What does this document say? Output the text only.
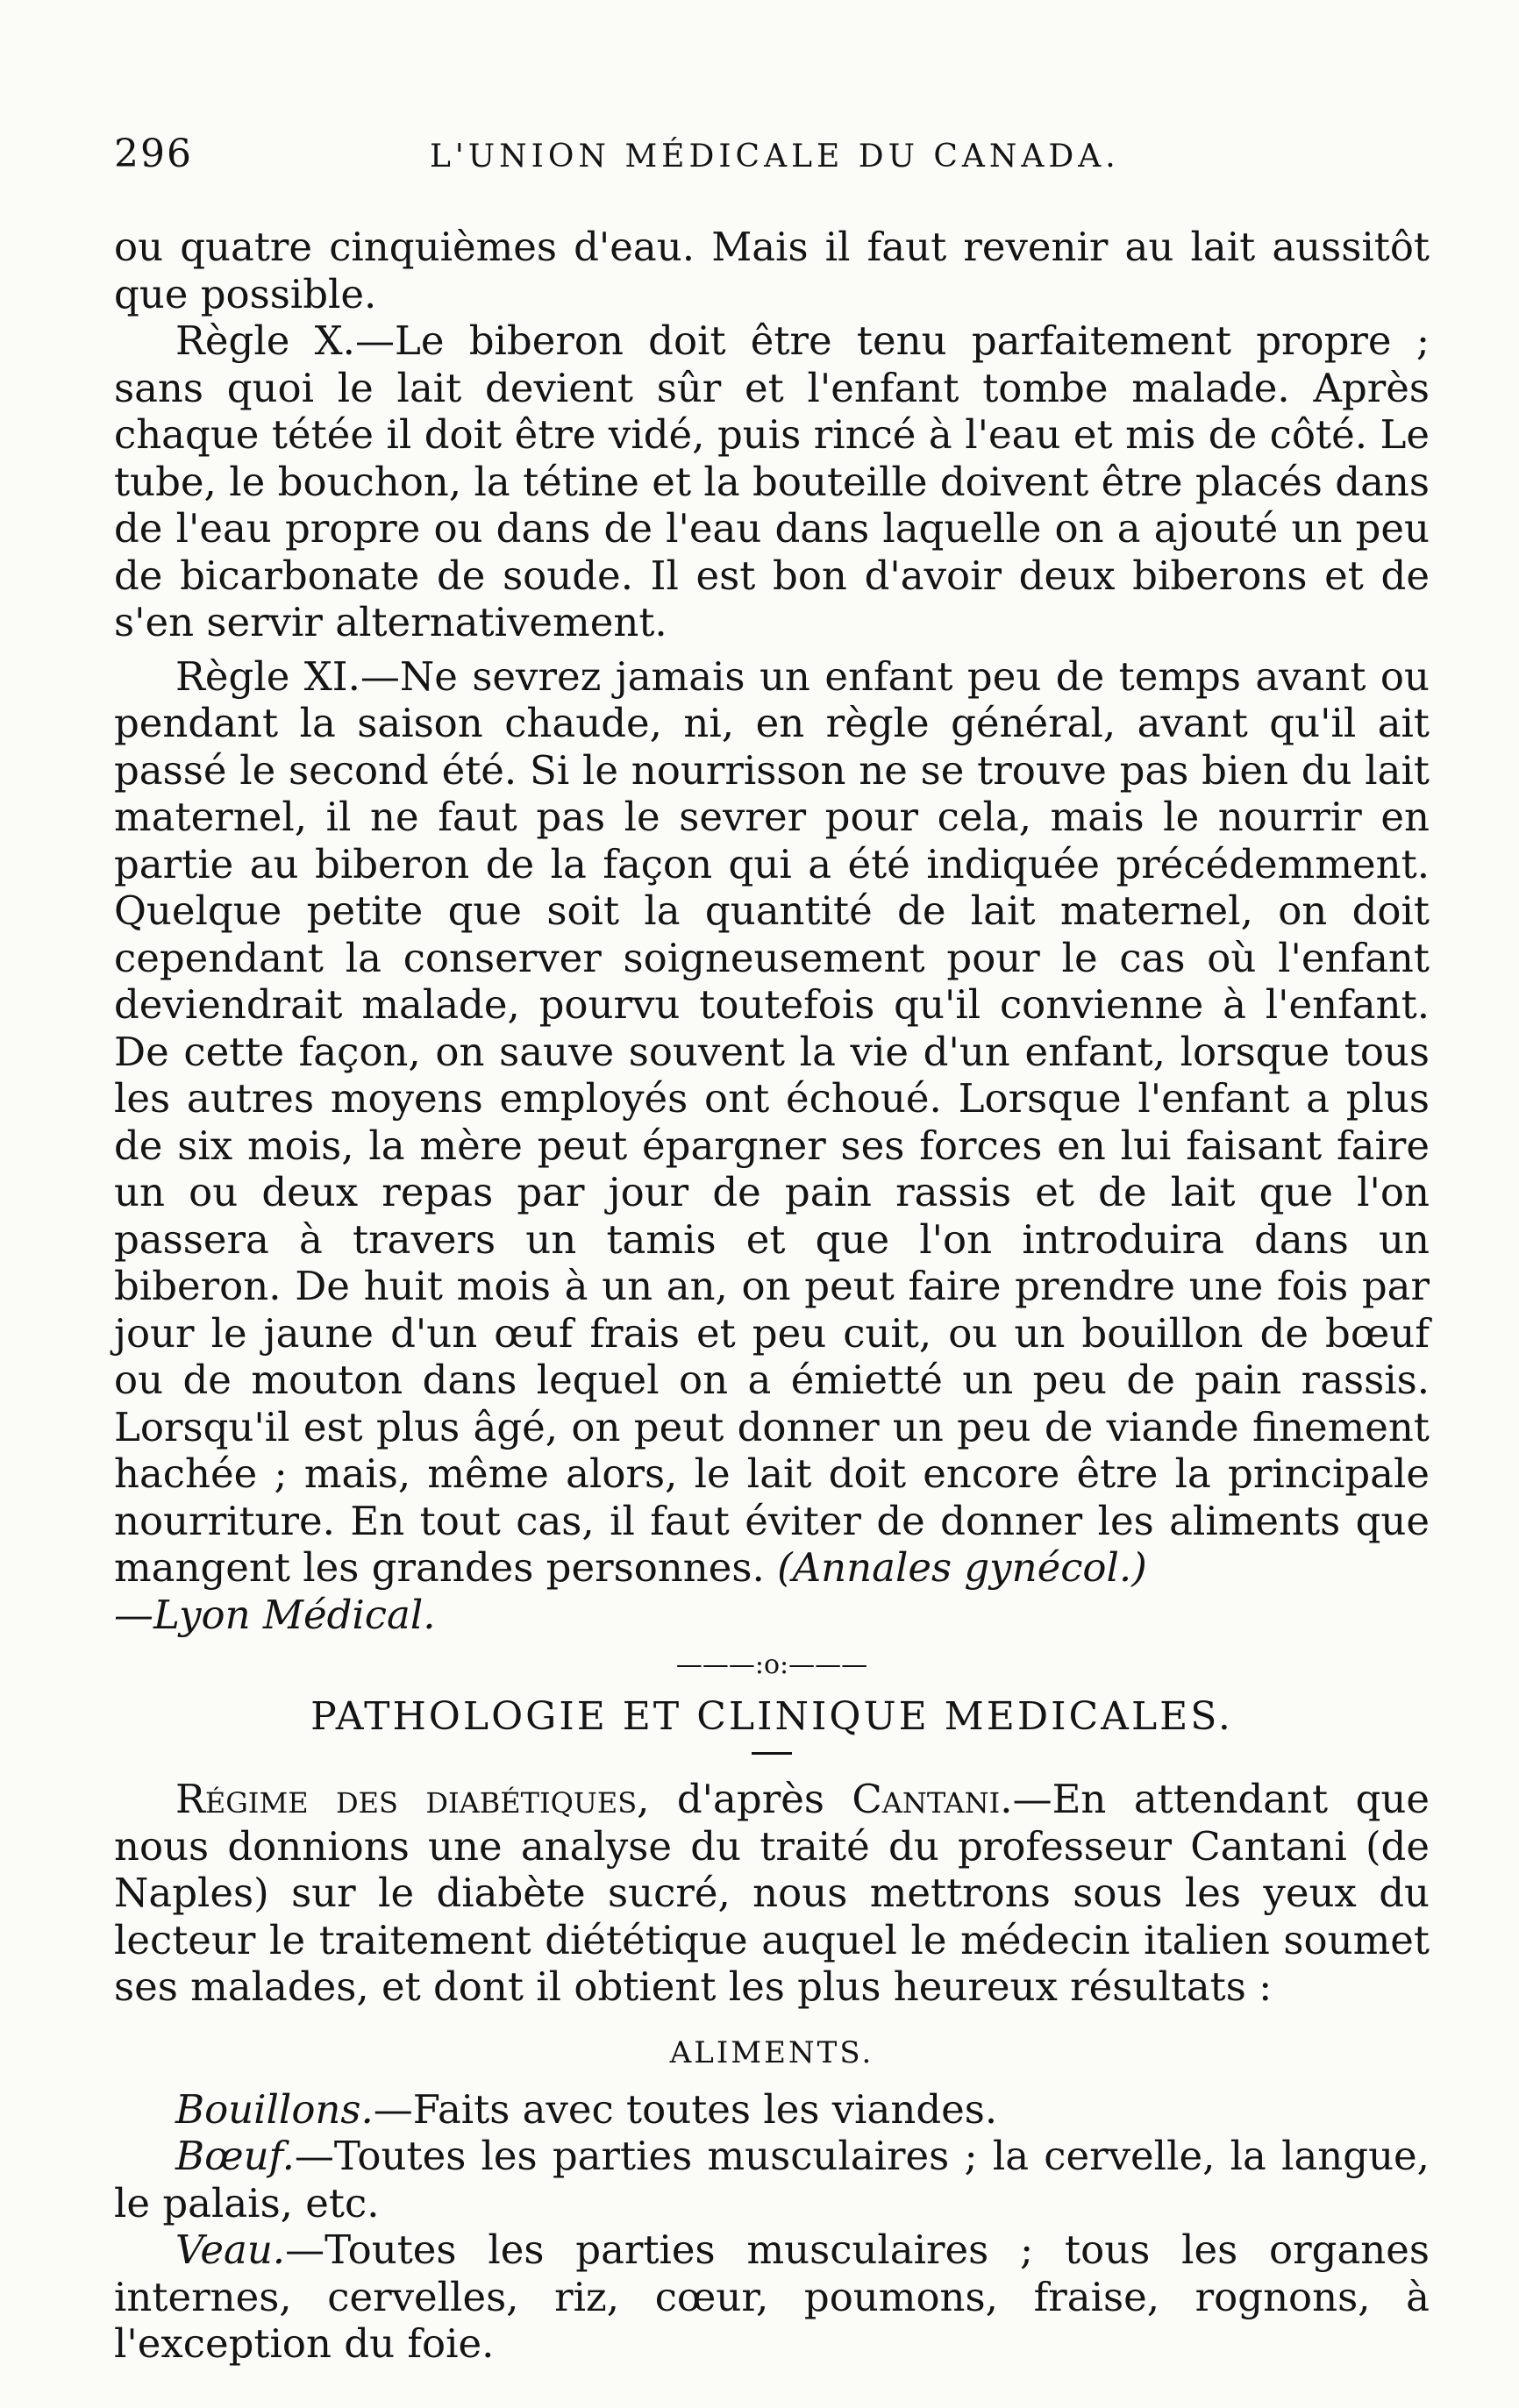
296	L'UNION MÉDICALE DU CANADA.

ou quatre cinquièmes d'eau. Mais il faut revenir au lait aussitôt que possible.

Règle X.—Le biberon doit être tenu parfaitement propre ; sans quoi le lait devient sûr et l'enfant tombe malade. Après chaque tétée il doit être vidé, puis rincé à l'eau et mis de côté. Le tube, le bouchon, la tétine et la bouteille doivent être placés dans de l'eau propre ou dans de l'eau dans laquelle on a ajouté un peu de bicarbonate de soude. Il est bon d'avoir deux biberons et de s'en servir alternativement.

Règle XI.—Ne sevrez jamais un enfant peu de temps avant ou pendant la saison chaude, ni, en règle général, avant qu'il ait passé le second été. Si le nourrisson ne se trouve pas bien du lait maternel, il ne faut pas le sevrer pour cela, mais le nourrir en partie au biberon de la façon qui a été indiquée précédemment. Quelque petite que soit la quantité de lait maternel, on doit cependant la conserver soigneusement pour le cas où l'enfant deviendrait malade, pourvu toutefois qu'il convienne à l'enfant. De cette façon, on sauve souvent la vie d'un enfant, lorsque tous les autres moyens employés ont échoué. Lorsque l'enfant a plus de six mois, la mère peut épargner ses forces en lui faisant faire un ou deux repas par jour de pain rassis et de lait que l'on passera à travers un tamis et que l'on introduira dans un biberon. De huit mois à un an, on peut faire prendre une fois par jour le jaune d'un œuf frais et peu cuit, ou un bouillon de bœuf ou de mouton dans lequel on a émietté un peu de pain rassis. Lorsqu'il est plus âgé, on peut donner un peu de viande finement hachée ; mais, même alors, le lait doit encore être la principale nourriture. En tout cas, il faut éviter de donner les aliments que mangent les grandes personnes. (Annales gynécol.)
—Lyon Médical.

———:o:———
PATHOLOGIE ET CLINIQUE MEDICALES.

Régime des diabétiques, d'après Cantani.—En attendant que nous donnions une analyse du traité du professeur Cantani (de Naples) sur le diabète sucré, nous mettrons sous les yeux du lecteur le traitement diététique auquel le médecin italien soumet ses malades, et dont il obtient les plus heureux résultats :

ALIMENTS.

Bouillons.—Faits avec toutes les viandes.

Bœuf.—Toutes les parties musculaires ; la cervelle, la langue, le palais, etc.

Veau.—Toutes les parties musculaires ; tous les organes internes, cervelles, riz, cœur, poumons, fraise, rognons, à l'exception du foie.
